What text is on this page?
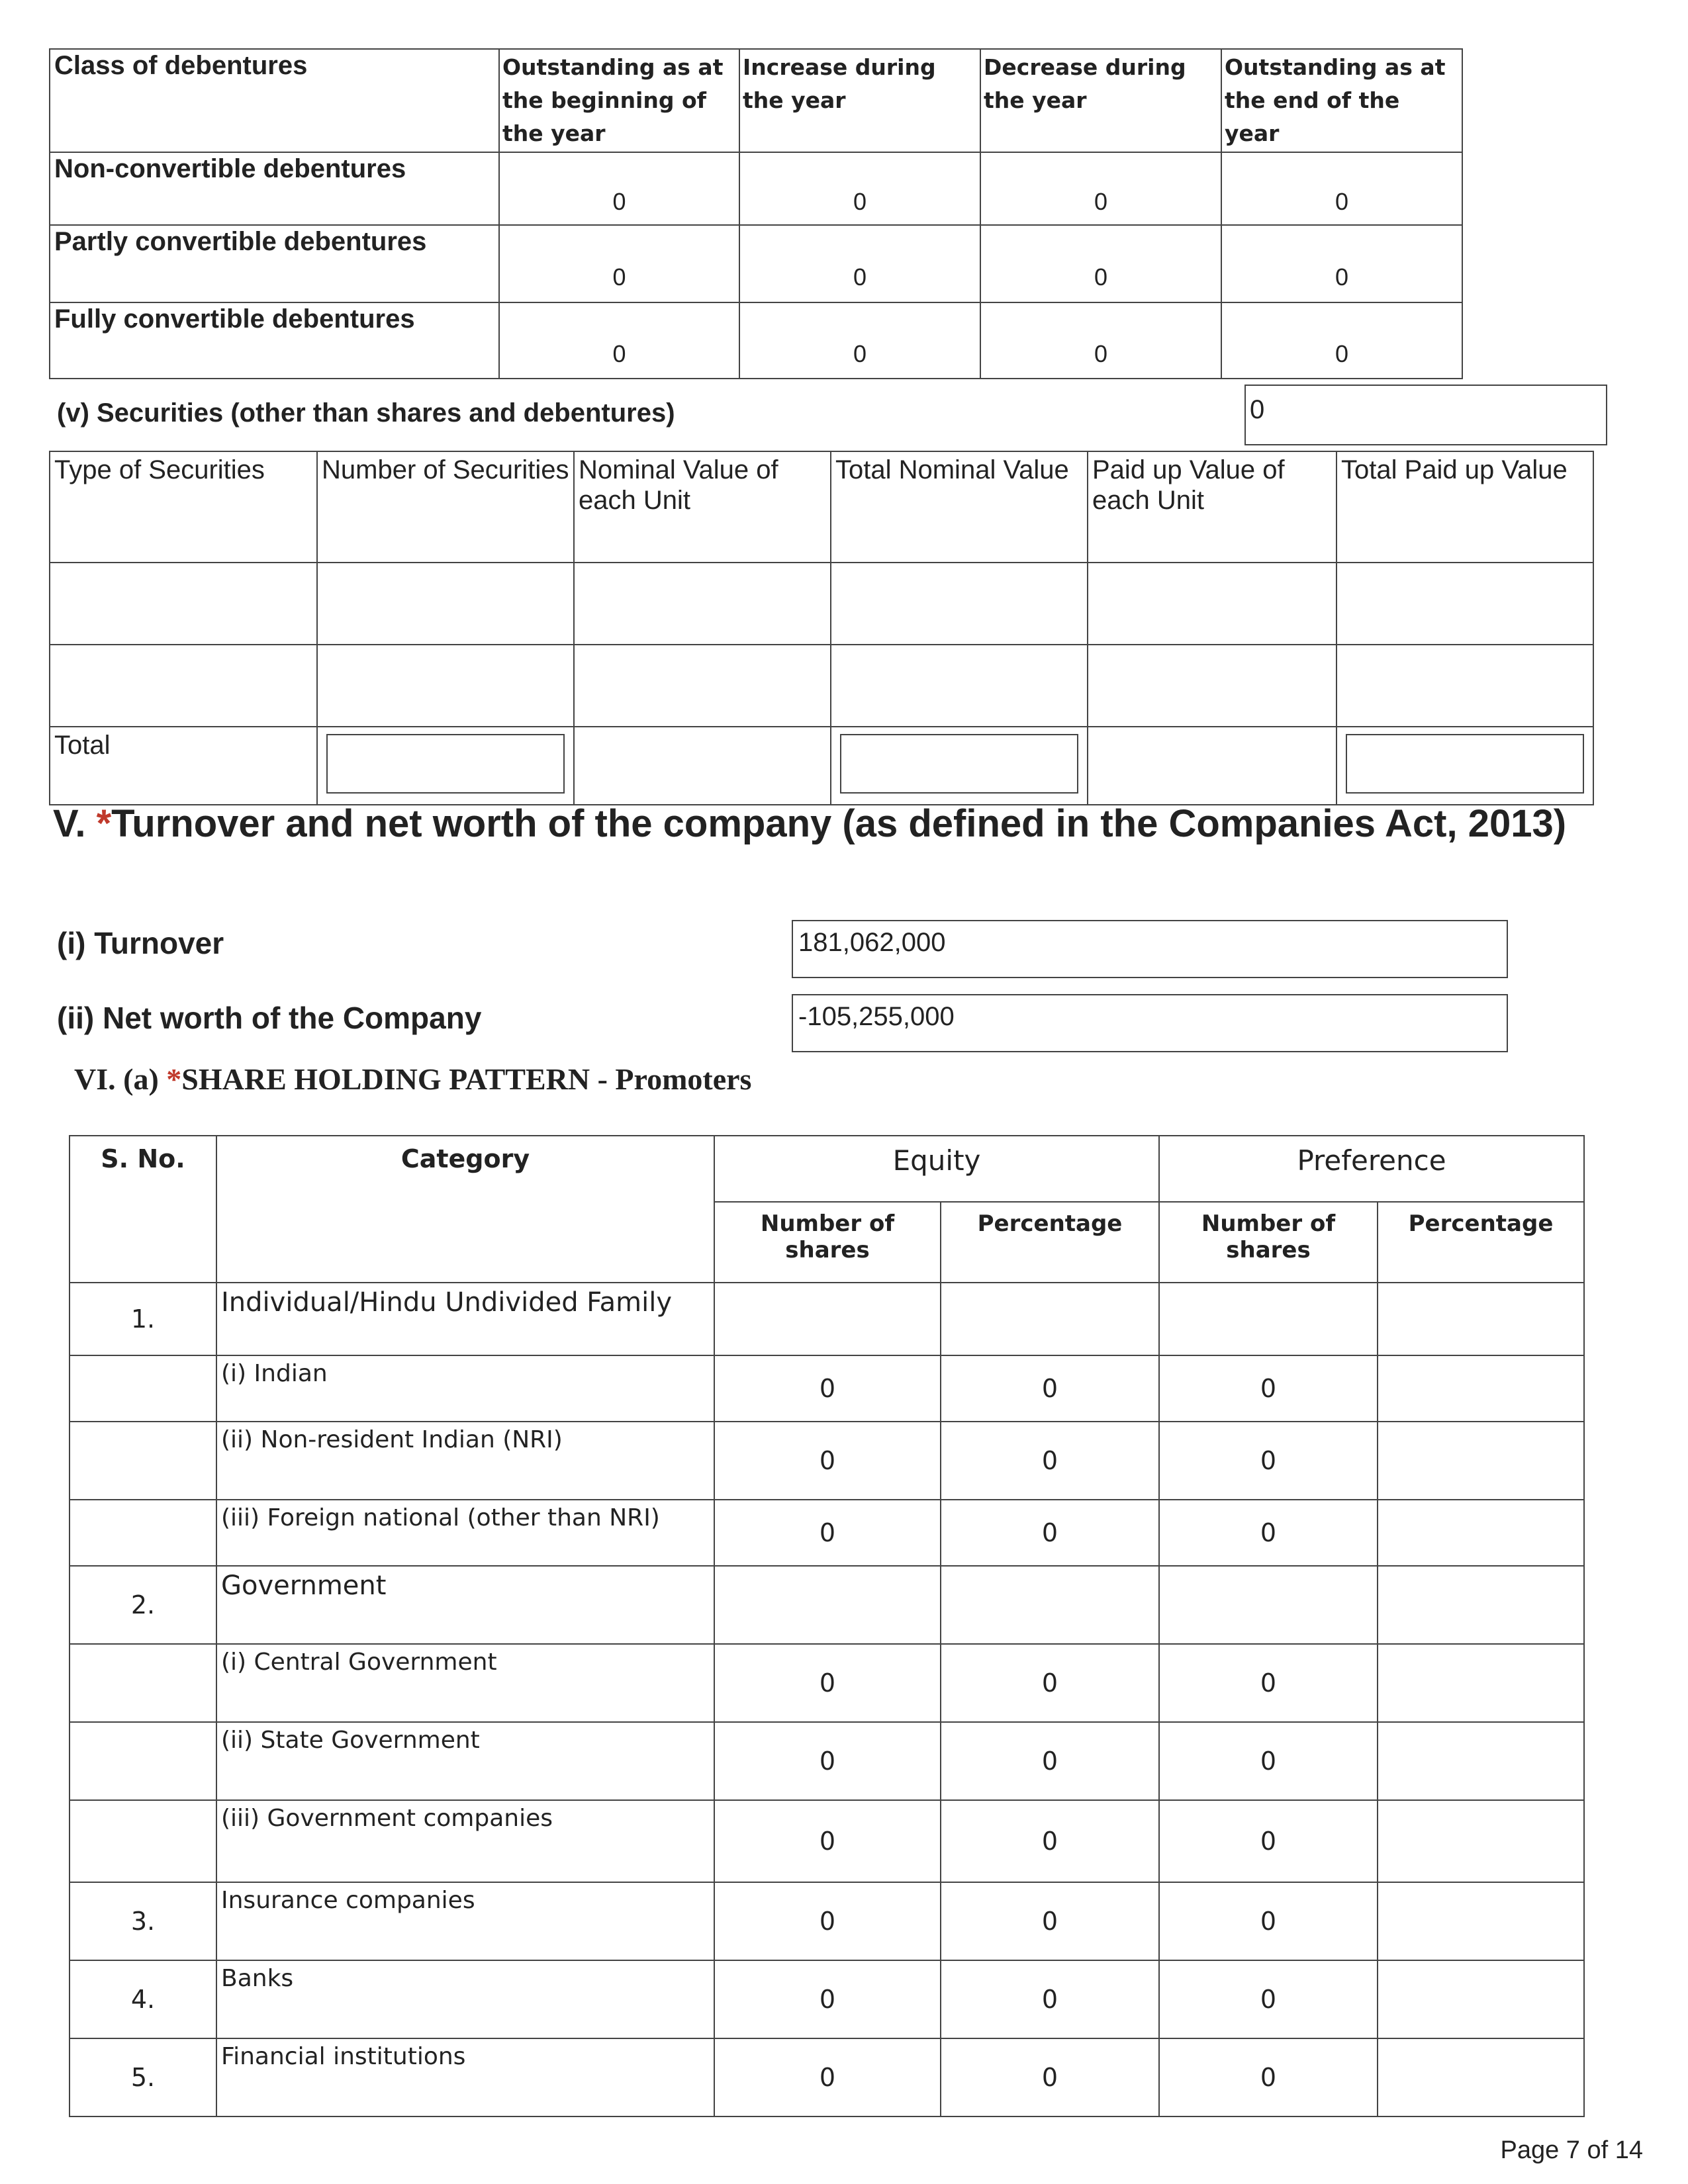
Class of debentures	Outstanding as at the beginning of the year	Increase during the year	Decrease during the year	Outstanding as at the end of the year
Non-convertible debentures	0	0	0	0
Partly convertible debentures	0	0	0	0
Fully convertible debentures	0	0	0	0
(v) Securities (other than shares and debentures)	0
Type of Securities	Number of Securities	Nominal Value of each Unit	Total Nominal Value	Paid up Value of each Unit	Total Paid up Value

Total	

V. *Turnover and net worth of the company (as defined in the Companies Act, 2013)
(i) Turnover	181,062,000
(ii) Net worth of the Company	-105,255,000
VI. (a) *SHARE HOLDING PATTERN - Promoters
S. No.	Category	Equity		Preference	
		Number of shares	Percentage	Number of shares	Percentage
1.	Individual/Hindu Undivided Family				
	(i) Indian	0	0	0	
	(ii) Non-resident Indian (NRI)	0	0	0	
	(iii) Foreign national (other than NRI)	0	0	0	
2.	Government				
	(i) Central Government	0	0	0	
	(ii) State Government	0	0	0	
	(iii) Government companies	0	0	0	
3.	Insurance companies	0	0	0	
4.	Banks	0	0	0	
5.	Financial institutions	0	0	0	
Page 7 of 14
